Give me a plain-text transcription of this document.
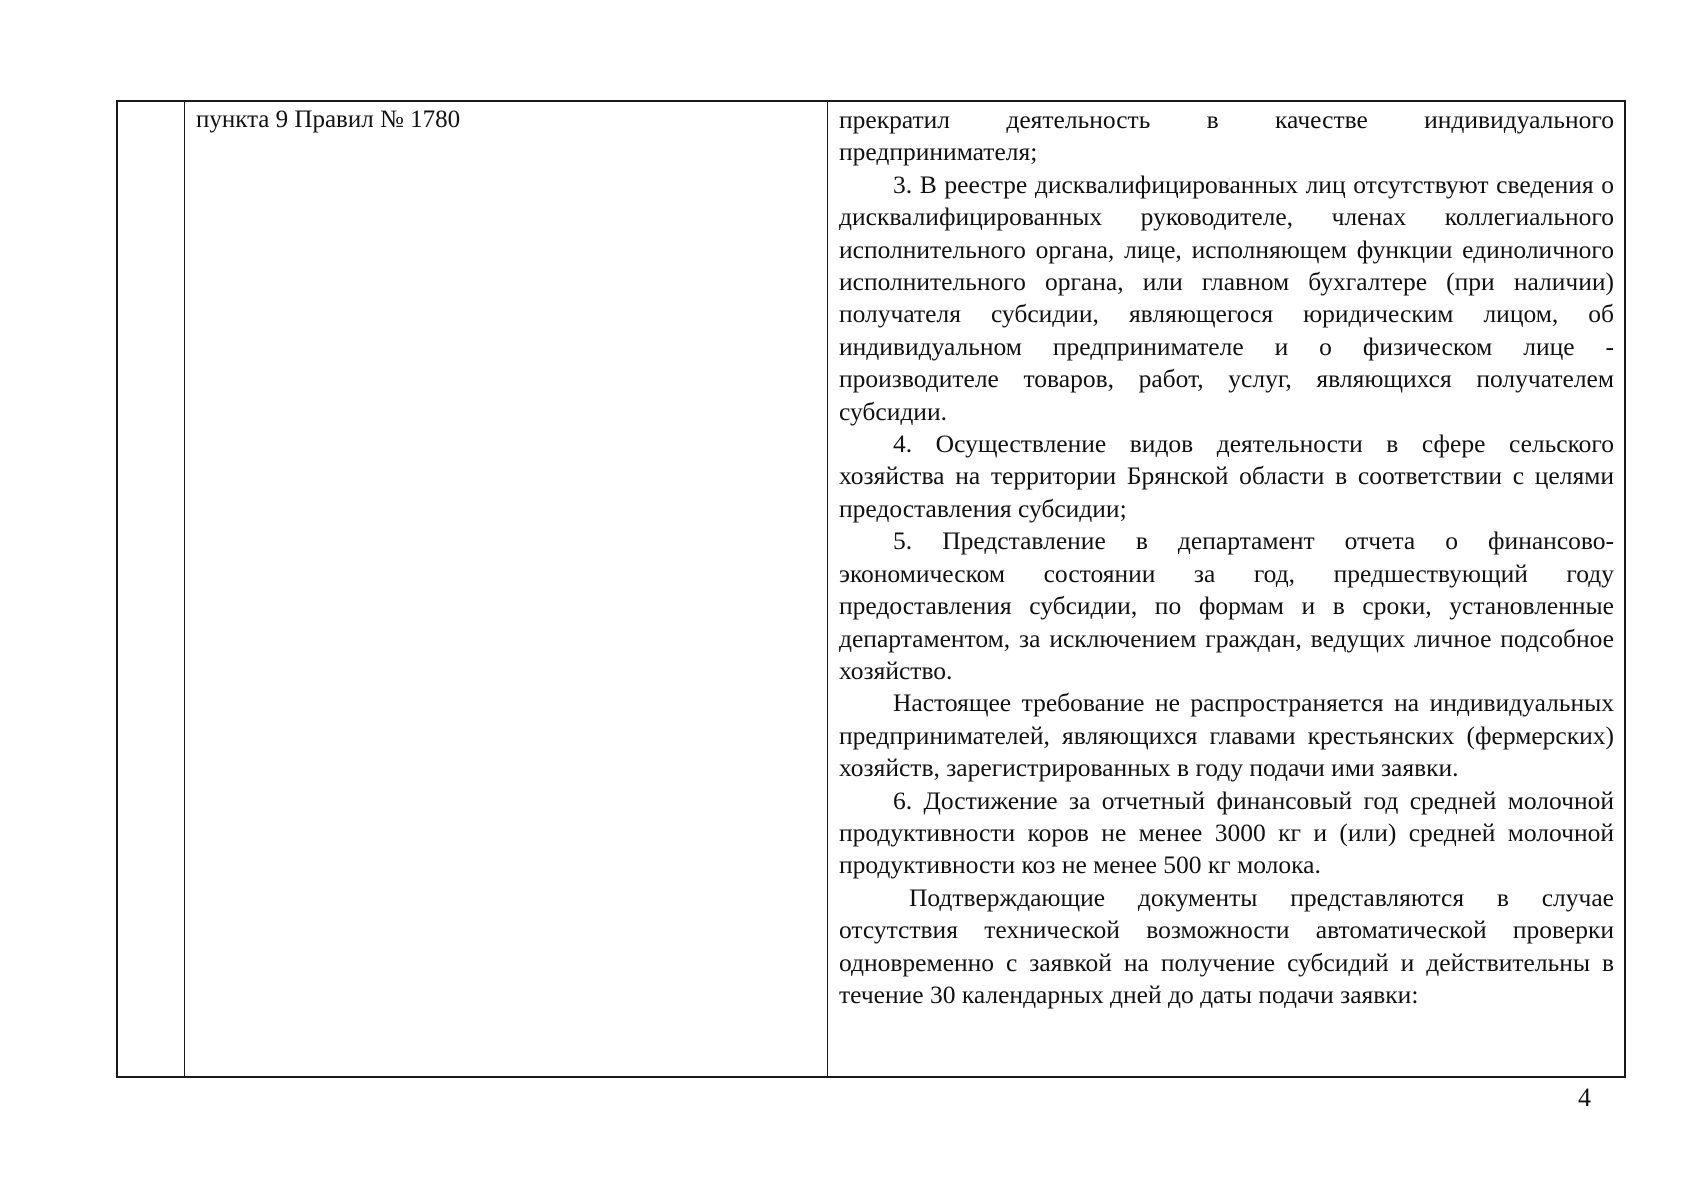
пункта 9 Правил № 1780	прекратил деятельность в качестве индивидуального предпринимателя;

3. В реестре дисквалифицированных лиц отсутствуют сведения о дисквалифицированных руководителе, членах коллегиального исполнительного органа, лице, исполняющем функции единоличного исполнительного органа, или главном бухгалтере (при наличии) получателя субсидии, являющегося юридическим лицом, об индивидуальном предпринимателе и о физическом лице - производителе товаров, работ, услуг, являющихся получателем субсидии.

4. Осуществление видов деятельности в сфере сельского хозяйства на территории Брянской области в соответствии с целями предоставления субсидии;

5. Представление в департамент отчета о финансово-экономическом состоянии за год, предшествующий году предоставления субсидии, по формам и в сроки, установленные департаментом, за исключением граждан, ведущих личное подсобное хозяйство.

Настоящее требование не распространяется на индивидуальных предпринимателей, являющихся главами крестьянских (фермерских) хозяйств, зарегистрированных в году подачи ими заявки.

6. Достижение за отчетный финансовый год средней молочной продуктивности коров не менее 3000 кг и (или) средней молочной продуктивности коз не менее 500 кг молока.

Подтверждающие документы представляются в случае отсутствия технической возможности автоматической проверки одновременно с заявкой на получение субсидий и действительны в течение 30 календарных дней до даты подачи заявки:

4
